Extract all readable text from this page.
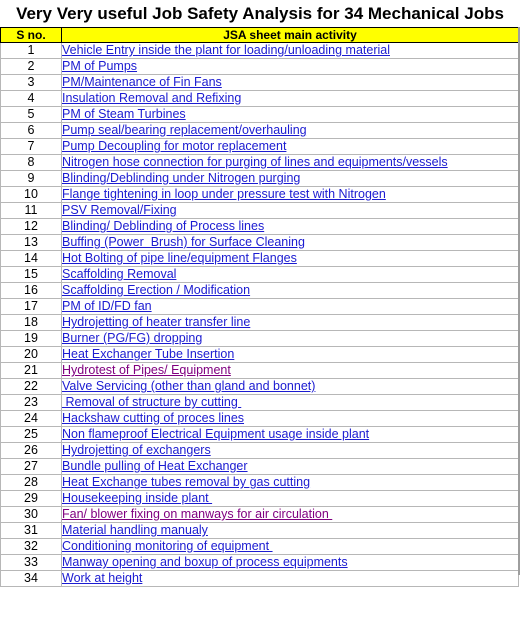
Very Very useful Job Safety Analysis for 34 Mechanical Jobs
S no.	JSA sheet main activity
1	Vehicle Entry inside the plant for loading/unloading material
2	PM of Pumps
3	PM/Maintenance of Fin Fans
4	Insulation Removal and Refixing
5	PM of Steam Turbines
6	Pump seal/bearing replacement/overhauling
7	Pump Decoupling for motor replacement
8	Nitrogen hose connection for purging of lines and equipments/vessels
9	Blinding/Deblinding under Nitrogen purging
10	Flange tightening in loop under pressure test with Nitrogen
11	PSV Removal/Fixing
12	Blinding/ Deblinding of Process lines
13	Buffing (Power  Brush) for Surface Cleaning
14	Hot Bolting of pipe line/equipment Flanges
15	Scaffolding Removal
16	Scaffolding Erection / Modification
17	PM of ID/FD fan
18	Hydrojetting of heater transfer line
19	Burner (PG/FG) dropping
20	Heat Exchanger Tube Insertion
21	Hydrotest of Pipes/ Equipment
22	Valve Servicing (other than gland and bonnet)
23	Removal of structure by cutting
24	Hackshaw cutting of proces lines
25	Non flameproof Electrical Equipment usage inside plant
26	Hydrojetting of exchangers
27	Bundle pulling of Heat Exchanger
28	Heat Exchange tubes removal by gas cutting
29	Housekeeping inside plant
30	Fan/ blower fixing on manways for air circulation
31	Material handling manualy
32	Conditioning monitoring of equipment
33	Manway opening and boxup of process equipments
34	Work at height
